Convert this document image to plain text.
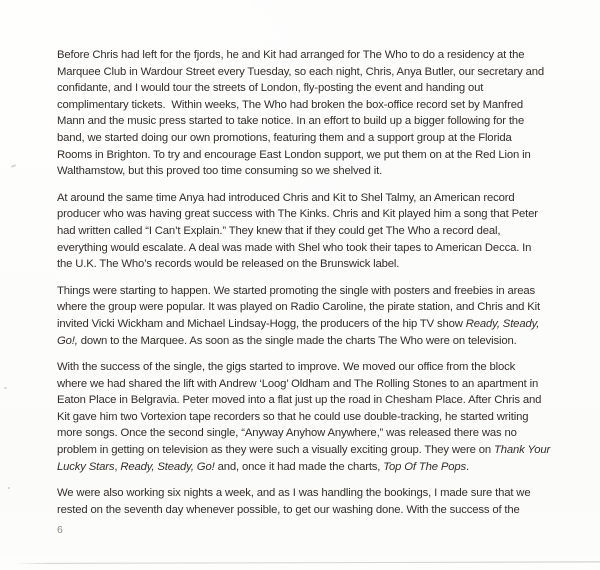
Before Chris had left for the fjords, he and Kit had arranged for The Who to do a residency at the
Marquee Club in Wardour Street every Tuesday, so each night, Chris, Anya Butler, our secretary and
confidante, and I would tour the streets of London, fly-posting the event and handing out
complimentary tickets.  Within weeks, The Who had broken the box-office record set by Manfred
Mann and the music press started to take notice. In an effort to build up a bigger following for the
band, we started doing our own promotions, featuring them and a support group at the Florida
Rooms in Brighton. To try and encourage East London support, we put them on at the Red Lion in
Walthamstow, but this proved too time consuming so we shelved it.

At around the same time Anya had introduced Chris and Kit to Shel Talmy, an American record
producer who was having great success with The Kinks. Chris and Kit played him a song that Peter
had written called “I Can’t Explain.” They knew that if they could get The Who a record deal,
everything would escalate. A deal was made with Shel who took their tapes to American Decca. In
the U.K. The Who’s records would be released on the Brunswick label.

Things were starting to happen. We started promoting the single with posters and freebies in areas
where the group were popular. It was played on Radio Caroline, the pirate station, and Chris and Kit
invited Vicki Wickham and Michael Lindsay-Hogg, the producers of the hip TV show Ready, Steady,
Go!, down to the Marquee. As soon as the single made the charts The Who were on television.

With the success of the single, the gigs started to improve. We moved our office from the block
where we had shared the lift with Andrew ‘Loog’ Oldham and The Rolling Stones to an apartment in
Eaton Place in Belgravia. Peter moved into a flat just up the road in Chesham Place. After Chris and
Kit gave him two Vortexion tape recorders so that he could use double-tracking, he started writing
more songs. Once the second single, “Anyway Anyhow Anywhere,” was released there was no
problem in getting on television as they were such a visually exciting group. They were on Thank Your
Lucky Stars, Ready, Steady, Go! and, once it had made the charts, Top Of The Pops.

We were also working six nights a week, and as I was handling the bookings, I made sure that we
rested on the seventh day whenever possible, to get our washing done. With the success of the

6
